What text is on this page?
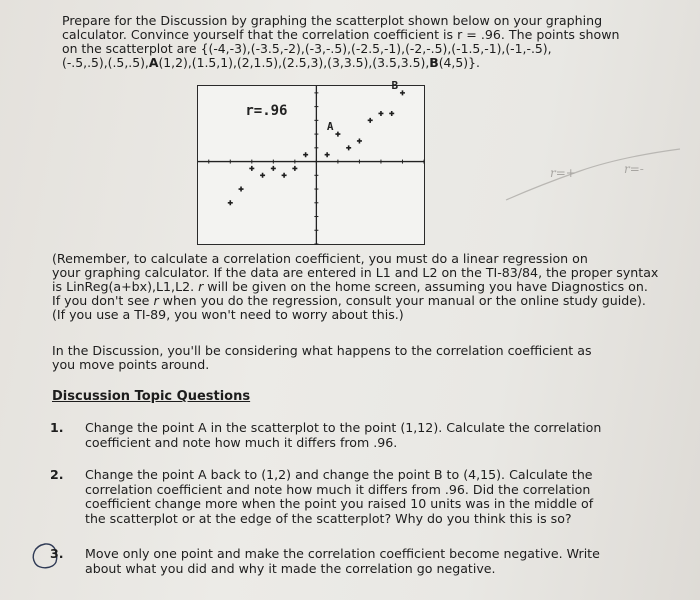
Prepare for the Discussion by graphing the scatterplot shown below on your graphing
calculator. Convince yourself that the correlation coefficient is r = .96. The points shown
on the scatterplot are {(-4,-3),(-3.5,-2),(-3,-.5),(-2.5,-1),(-2,-.5),(-1.5,-1),(-1,-.5),
(-.5,.5),(.5,.5),A(1,2),(1.5,1),(2,1.5),(2.5,3),(3,3.5),(3.5,3.5),B(4,5)}.
r=.96
A
B
r=+	r=-
(Remember, to calculate a correlation coefficient, you must do a linear regression on
your graphing calculator. If the data are entered in L1 and L2 on the TI-83/84, the proper syntax
is LinReg(a+bx),L1,L2. r will be given on the home screen, assuming you have Diagnostics on.
If you don't see r when you do the regression, consult your manual or the online study guide).
(If you use a TI-89, you won't need to worry about this.)
In the Discussion, you'll be considering what happens to the correlation coefficient as
you move points around.
Discussion Topic Questions
1. Change the point A in the scatterplot to the point (1,12). Calculate the correlation
coefficient and note how much it differs from .96.
2. Change the point A back to (1,2) and change the point B to (4,15). Calculate the
correlation coefficient and note how much it differs from .96. Did the correlation
coefficient change more when the point you raised 10 units was in the middle of
the scatterplot or at the edge of the scatterplot? Why do you think this is so?
3. Move only one point and make the correlation coefficient become negative. Write
about what you did and why it made the correlation go negative.
